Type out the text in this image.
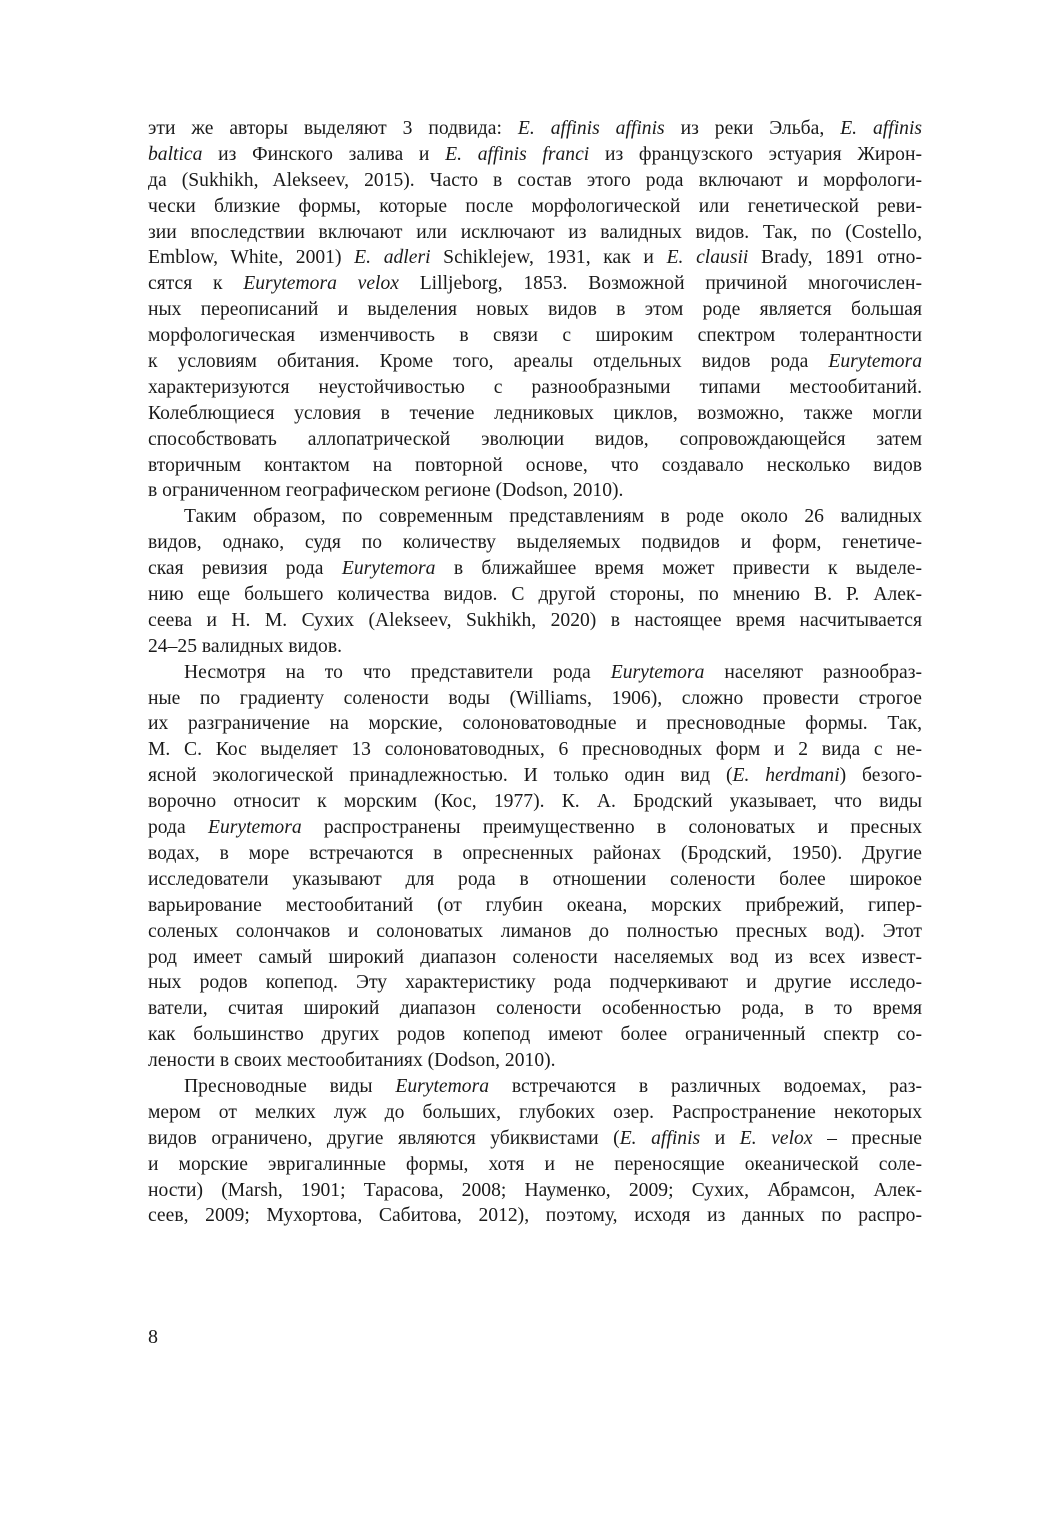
эти же авторы выделяют 3 подвида: E. affinis affinis из реки Эльба, E. affinis
baltica из Финского залива и E. affinis franci из французского эстуария Жирон-
да (Sukhikh, Alekseev, 2015). Часто в состав этого рода включают и морфологи-
чески близкие формы, которые после морфологической или генетической реви-
зии впоследствии включают или исключают из валидных видов. Так, по (Costello,
Emblow, White, 2001) E. adleri Schiklejew, 1931, как и E. clausii Brady, 1891 отно-
сятся к Eurytemora velox Lilljeborg, 1853. Возможной причиной многочислен-
ных переописаний и выделения новых видов в этом роде является большая
морфологическая изменчивость в связи с широким спектром толерантности
к условиям обитания. Кроме того, ареалы отдельных видов рода Eurytemora
характеризуются неустойчивостью с разнообразными типами местообитаний.
Колеблющиеся условия в течение ледниковых циклов, возможно, также могли
способствовать аллопатрической эволюции видов, сопровождающейся затем
вторичным контактом на повторной основе, что создавало несколько видов
в ограниченном географическом регионе (Dodson, 2010).
Таким образом, по современным представлениям в роде около 26 валидных
видов, однако, судя по количеству выделяемых подвидов и форм, генетиче-
ская ревизия рода Eurytemora в ближайшее время может привести к выделе-
нию еще большего количества видов. С другой стороны, по мнению В. Р. Алек-
сеева и Н. М. Сухих (Alekseev, Sukhikh, 2020) в настоящее время насчитывается
24–25 валидных видов.
Несмотря на то что представители рода Eurytemora населяют разнообраз-
ные по градиенту солености воды (Williams, 1906), сложно провести строгое
их разграничение на морские, солоноватоводные и пресноводные формы. Так,
М. С. Кос выделяет 13 солоноватоводных, 6 пресноводных форм и 2 вида с не-
ясной экологической принадлежностью. И только один вид (E. herdmani) безого-
ворочно относит к морским (Кос, 1977). К. А. Бродский указывает, что виды
рода Eurytemora распространены преимущественно в солоноватых и пресных
водах, в море встречаются в опресненных районах (Бродский, 1950). Другие
исследователи указывают для рода в отношении солености более широкое
варьирование местообитаний (от глубин океана, морских прибрежий, гипер-
соленых солончаков и солоноватых лиманов до полностью пресных вод). Этот
род имеет самый широкий диапазон солености населяемых вод из всех извест-
ных родов копепод. Эту характеристику рода подчеркивают и другие исследо-
ватели, считая широкий диапазон солености особенностью рода, в то время
как большинство других родов копепод имеют более ограниченный спектр со-
лености в своих местообитаниях (Dodson, 2010).
Пресноводные виды Eurytemora встречаются в различных водоемах, раз-
мером от мелких луж до больших, глубоких озер. Распространение некоторых
видов ограничено, другие являются убиквистами (E. affinis и E. velox – пресные
и морские эвригалинные формы, хотя и не переносящие океанической соле-
ности) (Marsh, 1901; Тарасова, 2008; Науменко, 2009; Сухих, Абрамсон, Алек-
сеев, 2009; Мухортова, Сабитова, 2012), поэтому, исходя из данных по распро-
8
